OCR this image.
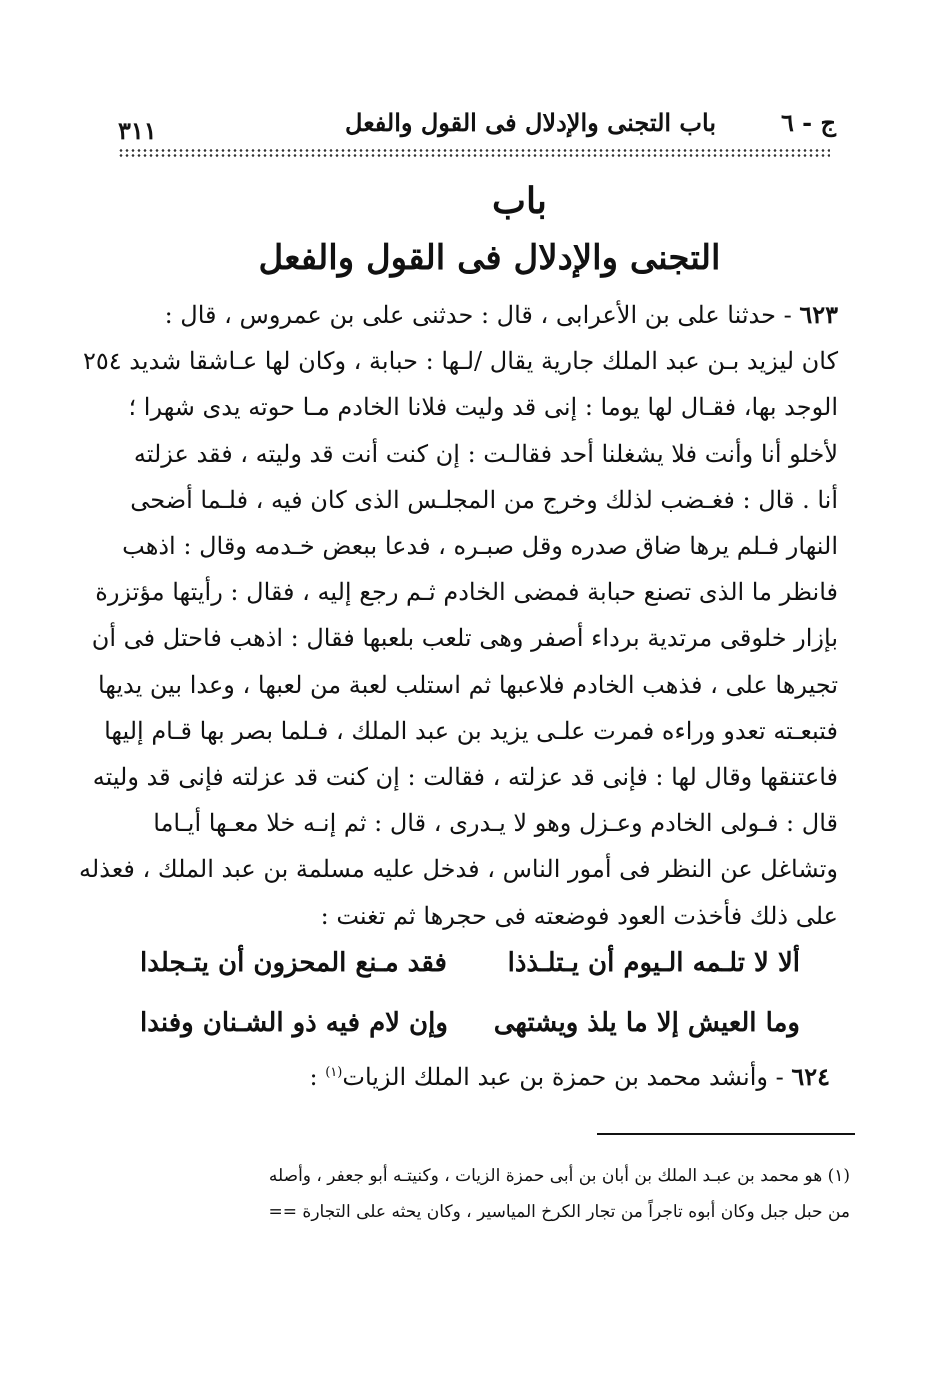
ج - ٦
باب التجنى والإدلال فى القول والفعل
٣١١
باب
التجنى والإدلال فى القول والفعل
٦٢٣ - حدثنا على بن الأعرابى ، قال : حدثنى على بن عمروس ، قال :
كان ليزيد بـن عبد الملك جارية يقال /لـها : حبابة ، وكان لها عـاشقا شديد ٢٥٤
الوجد بها، فقـال لها يوما : إنى قد وليت فلانا الخادم مـا حوته يدى شهرا ؛
لأخلو أنا وأنت فلا يشغلنا أحد فقالـت : إن كنت أنت قد وليته ، فقد عزلته
أنا . قال : فغـضب لذلك وخرج من المجلـس الذى كان فيه ، فلـما أضحى
النهار فـلم يرها ضاق صدره وقل صبـره ، فدعا ببعض خـدمه وقال : اذهب
فانظر ما الذى تصنع حبابة فمضى الخادم ثـم رجع إليه ، فقال : رأيتها مؤتزرة
بإزار خلوقى مرتدية برداء أصفر وهى تلعب بلعبها فقال : اذهب فاحتل فى أن
تجيرها على ، فذهب الخادم فلاعبها ثم استلب لعبة من لعبها ، وعدا بين يديها
فتبعـته تعدو وراءه فمرت علـى يزيد بن عبد الملك ، فـلما بصر بها قـام إليها
فاعتنقها وقال لها : فإنى قد عزلته ، فقالت : إن كنت قد عزلته فإنى قد وليته
قال : فـولى الخادم وعـزل وهو لا يـدرى ، قال : ثم إنـه خلا معـها أيـاما
وتشاغل عن النظر فى أمور الناس ، فدخل عليه مسلمة بن عبد الملك ، فعذله
على ذلك فأخذت العود فوضعته فى حجرها ثم تغنت :
ألا لا تلـمه الـيوم أن يـتلـذذا
فقد مـنع المحزون أن يتـجلدا
وما العيش إلا ما يلذ ويشتهى
وإن لام فيه ذو الشـنان وفندا
٦٢٤ - وأنشد محمد بن حمزة بن عبد الملك الزيات$^{(١)}$ :
(١) هو محمد بن عبـد الملك بن أبان بن أبى حمزة الزيات ، وكنيتـه أبو جعفر ، وأصله
من حبل جبل وكان أبوه تاجراً من تجار الكرخ المياسير ، وكان يحثه على التجارة ==
